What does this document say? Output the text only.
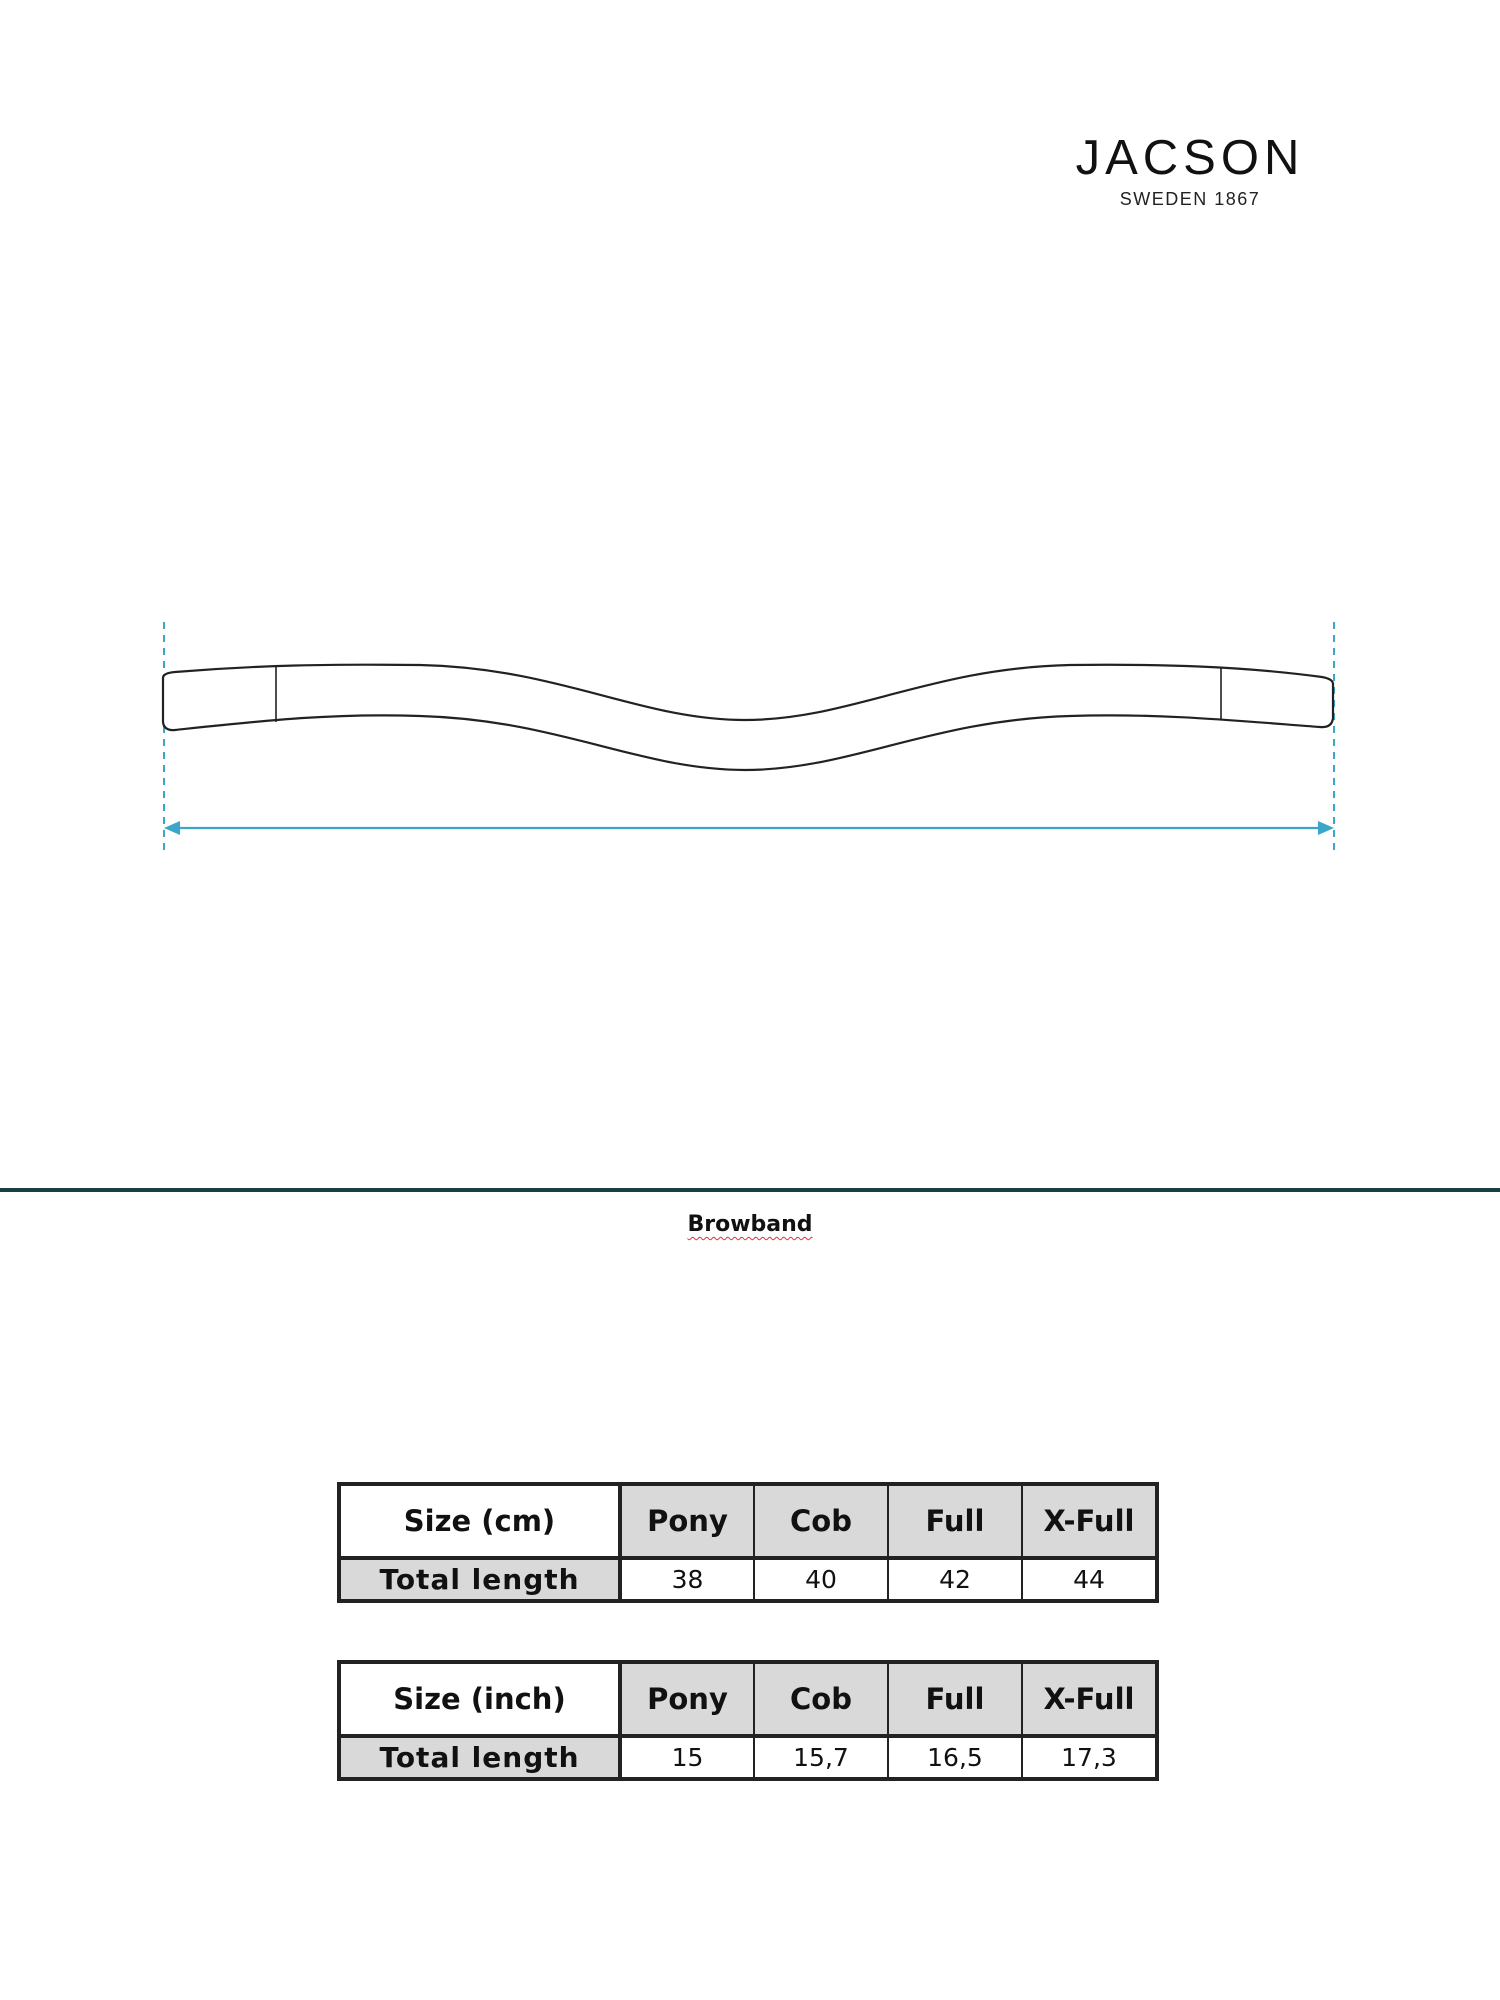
JACSON
SWEDEN 1867
Browband
Size (cm)	Pony	Cob	Full	X-Full
Total length	38	40	42	44
Size (inch)	Pony	Cob	Full	X-Full
Total length	15	15,7	16,5	17,3
